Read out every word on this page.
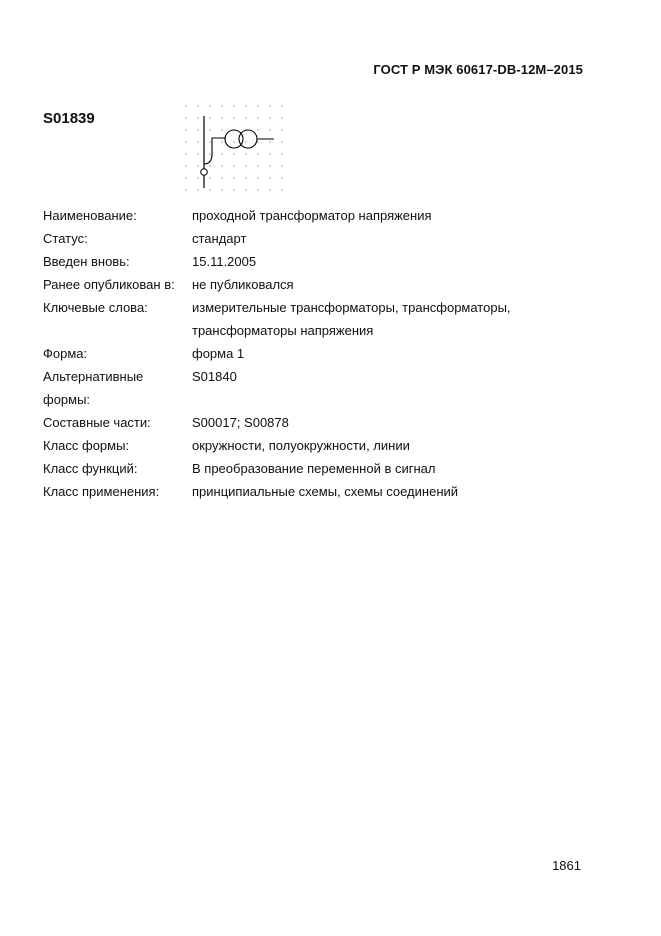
ГОСТ Р МЭК 60617-DB-12M–2015
S01839
Наименование:	проходной трансформатор напряжения
Статус:	стандарт
Введен вновь:	15.11.2005
Ранее опубликован в:	не публиковался
Ключевые слова:	измерительные трансформаторы, трансформаторы,
трансформаторы напряжения
Форма:	форма 1
Альтернативные	S01840
формы:
Составные части:	S00017; S00878
Класс формы:	окружности, полуокружности, линии
Класс функций:	В преобразование переменной в сигнал
Класс применения:	принципиальные схемы, схемы соединений
1861
